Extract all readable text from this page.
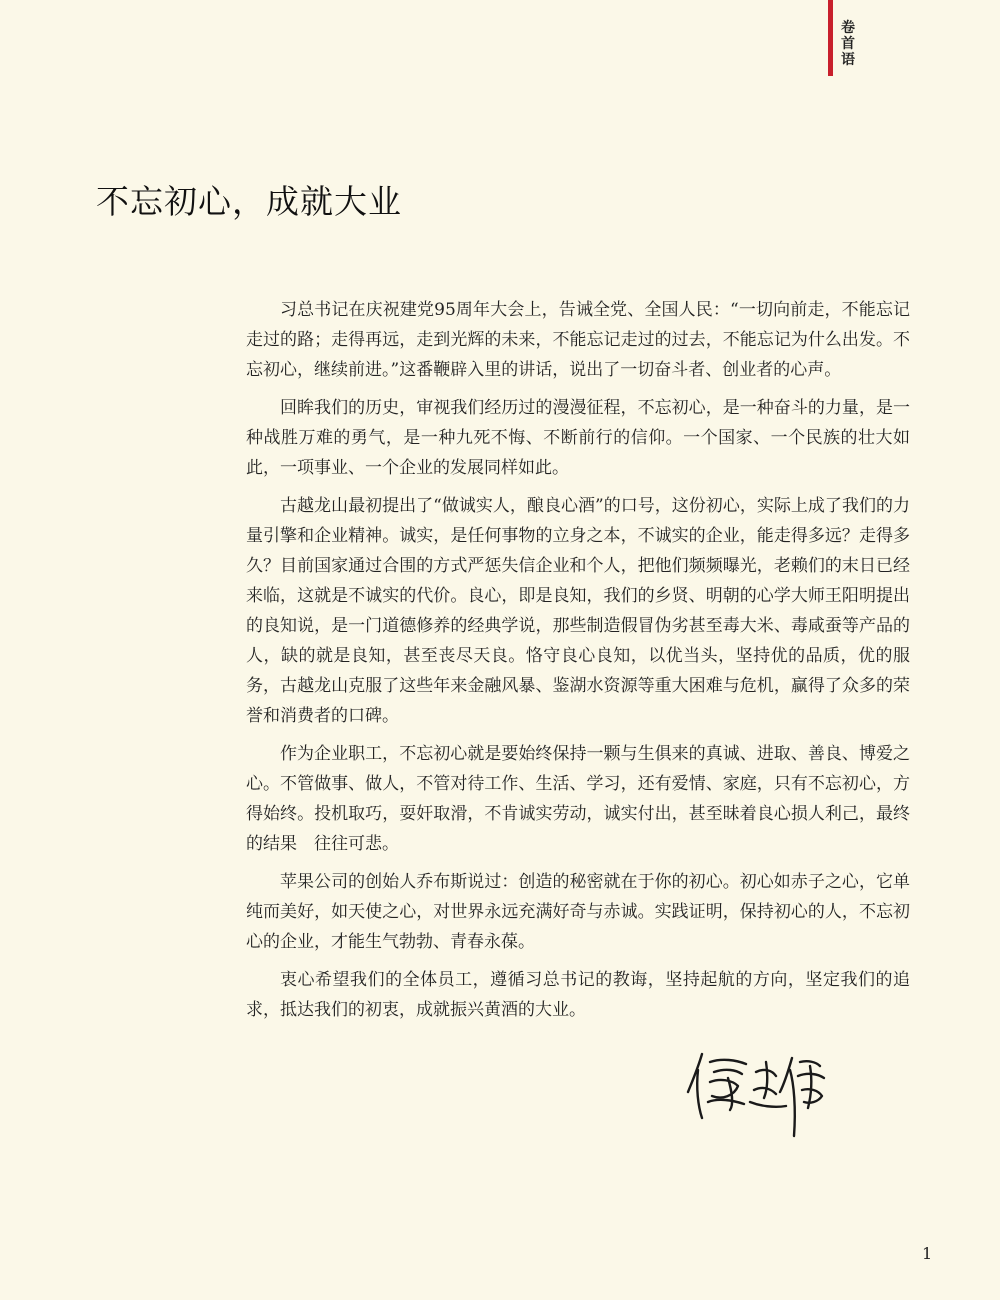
卷首语
不忘初心，成就大业

习总书记在庆祝建党95周年大会上，告诫全党、全国人民：“一切向前走，不能忘记走过的路；走得再远，走到光辉的未来，不能忘记走过的过去，不能忘记为什么出发。不忘初心，继续前进。”这番鞭辟入里的讲话，说出了一切奋斗者、创业者的心声。

回眸我们的历史，审视我们经历过的漫漫征程，不忘初心，是一种奋斗的力量，是一种战胜万难的勇气，是一种九死不悔、不断前行的信仰。一个国家、一个民族的壮大如此，一项事业、一个企业的发展同样如此。

古越龙山最初提出了“做诚实人，酿良心酒”的口号，这份初心，实际上成了我们的力量引擎和企业精神。诚实，是任何事物的立身之本，不诚实的企业，能走得多远？走得多久？目前国家通过合围的方式严惩失信企业和个人，把他们频频曝光，老赖们的末日已经来临，这就是不诚实的代价。良心，即是良知，我们的乡贤、明朝的心学大师王阳明提出的良知说，是一门道德修养的经典学说，那些制造假冒伪劣甚至毒大米、毒咸蚕等产品的人，缺的就是良知，甚至丧尽天良。恪守良心良知，以优当头，坚持优的品质，优的服务，古越龙山克服了这些年来金融风暴、鉴湖水资源等重大困难与危机，赢得了众多的荣誉和消费者的口碑。

作为企业职工，不忘初心就是要始终保持一颗与生俱来的真诚、进取、善良、博爱之心。不管做事、做人，不管对待工作、生活、学习，还有爱情、家庭，只有不忘初心，方得始终。投机取巧，耍奸取滑，不肯诚实劳动，诚实付出，甚至昧着良心损人利己，最终的结果　往往可悲。

苹果公司的创始人乔布斯说过：创造的秘密就在于你的初心。初心如赤子之心，它单纯而美好，如天使之心，对世界永远充满好奇与赤诚。实践证明，保持初心的人，不忘初心的企业，才能生气勃勃、青春永葆。

衷心希望我们的全体员工，遵循习总书记的教诲，坚持起航的方向，坚定我们的追求，抵达我们的初衷，成就振兴黄酒的大业。

1
